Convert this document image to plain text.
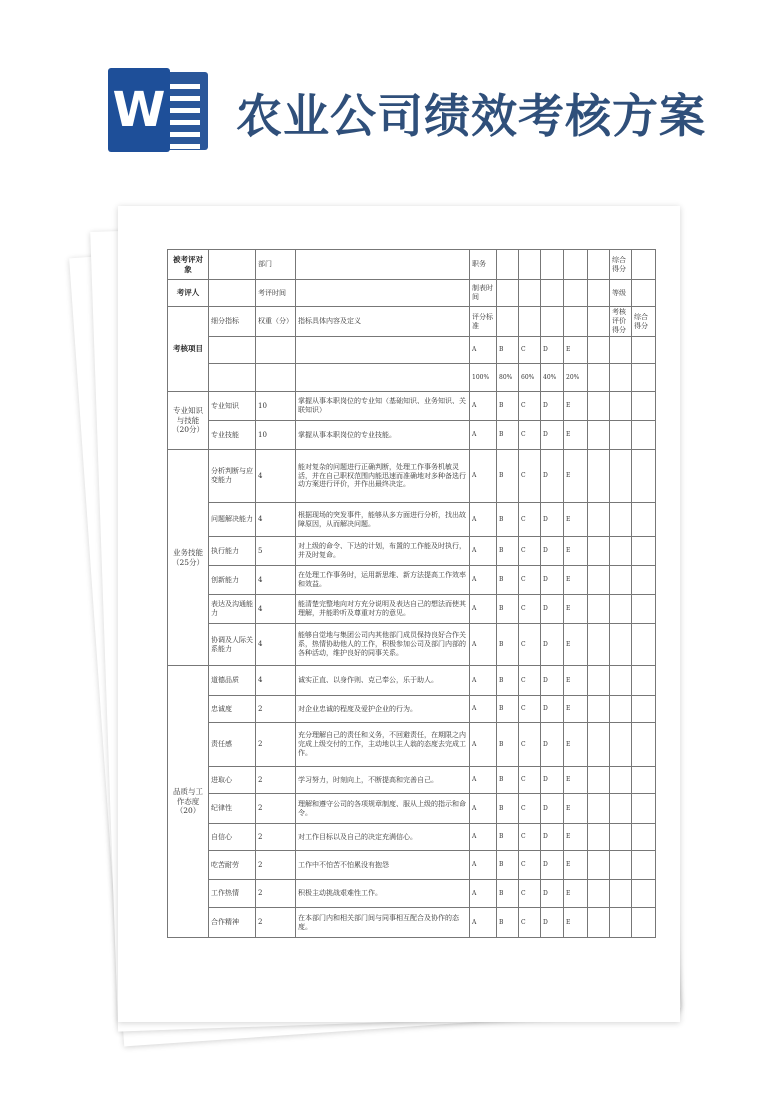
W 农业公司绩效考核方案
被考评对象		部门		职务						综合得分	
考评人		考评时间		制表时间						等级	
考核项目	细分指标	权重（分）	指标具体内容及定义	评分标准						考核评价得分	综合得分
				A	B	C	D	E			
				100%	80%	60%	40%	20%			
专业知识与技能（20分）	专业知识	10	掌握从事本职岗位的专业知（基础知识、业务知识、关联知识）	A	B	C	D	E			
	专业技能	10	掌握从事本职岗位的专业技能。	A	B	C	D	E			
业务技能（25分）	分析判断与应变能力	4	能对复杂的问题进行正确判断，处理工作事务机敏灵活，并在自己职权范围内能迅速而准确地对多种备选行动方案进行评价，并作出最终决定。	A	B	C	D	E			
	问题解决能力	4	根据现场的突发事件，能够从多方面进行分析，找出故障原因，从而解决问题。	A	B	C	D	E			
	执行能力	5	对上级的命令、下达的计划，布置的工作能及时执行，并及时复命。	A	B	C	D	E			
	创新能力	4	在处理工作事务时，运用新思维、新方法提高工作效率和效益。	A	B	C	D	E			
	表达及沟通能力	4	能清楚完整地向对方充分说明及表达自己的想法而使其理解，并能聆听及尊重对方的意见。	A	B	C	D	E			
	协调及人际关系能力	4	能够自觉地与集团公司内其他部门成员保持良好合作关系，热情协助他人的工作，积极参加公司及部门内部的各种活动，维护良好的同事关系。	A	B	C	D	E			
品质与工作态度（20）	道德品质	4	诚实正直、以身作则、克己奉公，乐于助人。	A	B	C	D	E			
	忠诚度	2	对企业忠诚的程度及爱护企业的行为。	A	B	C	D	E			
	责任感	2	充分理解自己的责任和义务，不回避责任，在期限之内完成上级交付的工作，主动地以主人翁的态度去完成工作。	A	B	C	D	E			
	进取心	2	学习努力，时刻向上，不断提高和完善自己。	A	B	C	D	E			
	纪律性	2	理解和遵守公司的各项规章制度、服从上级的指示和命令。	A	B	C	D	E			
	自信心	2	对工作目标以及自己的决定充满信心。	A	B	C	D	E			
	吃苦耐劳	2	工作中不怕苦不怕累没有抱怨	A	B	C	D	E			
	工作热情	2	积极主动挑战艰难性工作。	A	B	C	D	E			
	合作精神	2	在本部门内和相关部门间与同事相互配合及协作的态度。	A	B	C	D	E			
